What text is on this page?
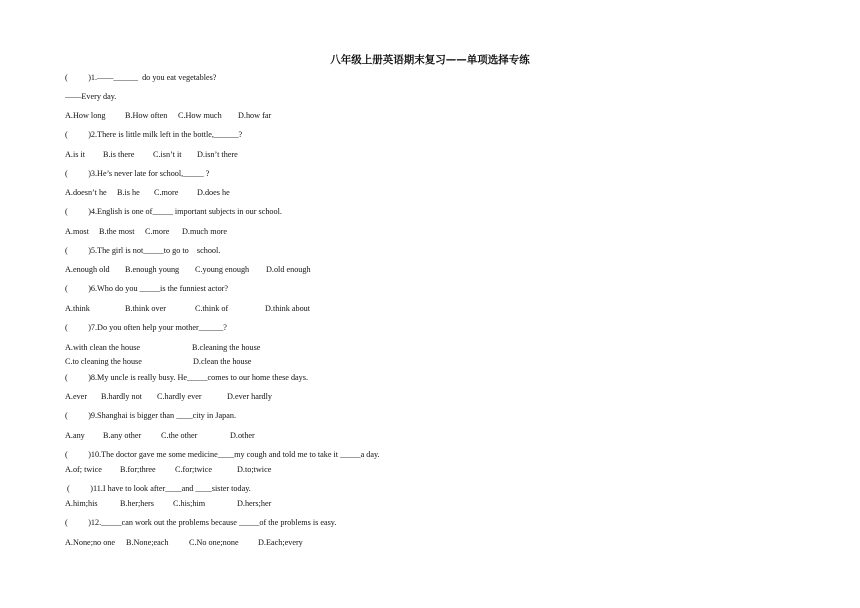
八年级上册英语期末复习——单项选择专练
(          )1.——______  do you eat vegetables?
——Every day.
A.How long B.How often C.How much D.how far
(          )2.There is little milk left in the bottle,______?
A.is it B.is there C.isn’t it D.isn’t there
(          )3.He’s never late for school,_____ ?
A.doesn’t he B.is he C.more D.does he
(          )4.English is one of_____ important subjects in our school.
A.most B.the most C.more D.much more
(          )5.The girl is not_____to go to    school.
A.enough old B.enough young C.young enough D.old enough
(          )6.Who do you _____is the funniest actor?
A.think	B.think over	C.think of	D.think about
(          )7.Do you often help your mother______?
A.with clean the house	B.cleaning the house
C.to cleaning the house	D.clean the house
(          )8.My uncle is really busy. He_____comes to our home these days.
A.ever B.hardly not C.hardly ever	D.ever hardly
(          )9.Shanghai is bigger than ____city in Japan.
A.any B.any other C.the other	D.other
(          )10.The doctor gave me some medicine____my cough and told me to take it _____a day.
A.of; twice B.for;three C.for;twice	D.to;twice
(          )11.I have to look after____and ____sister today.
A.him;his	B.her;hers C.his;him	D.hers;her
(          )12._____can work out the problems because _____of the problems is easy.
A.None;no one B.None;each C.No one;none D.Each;every
